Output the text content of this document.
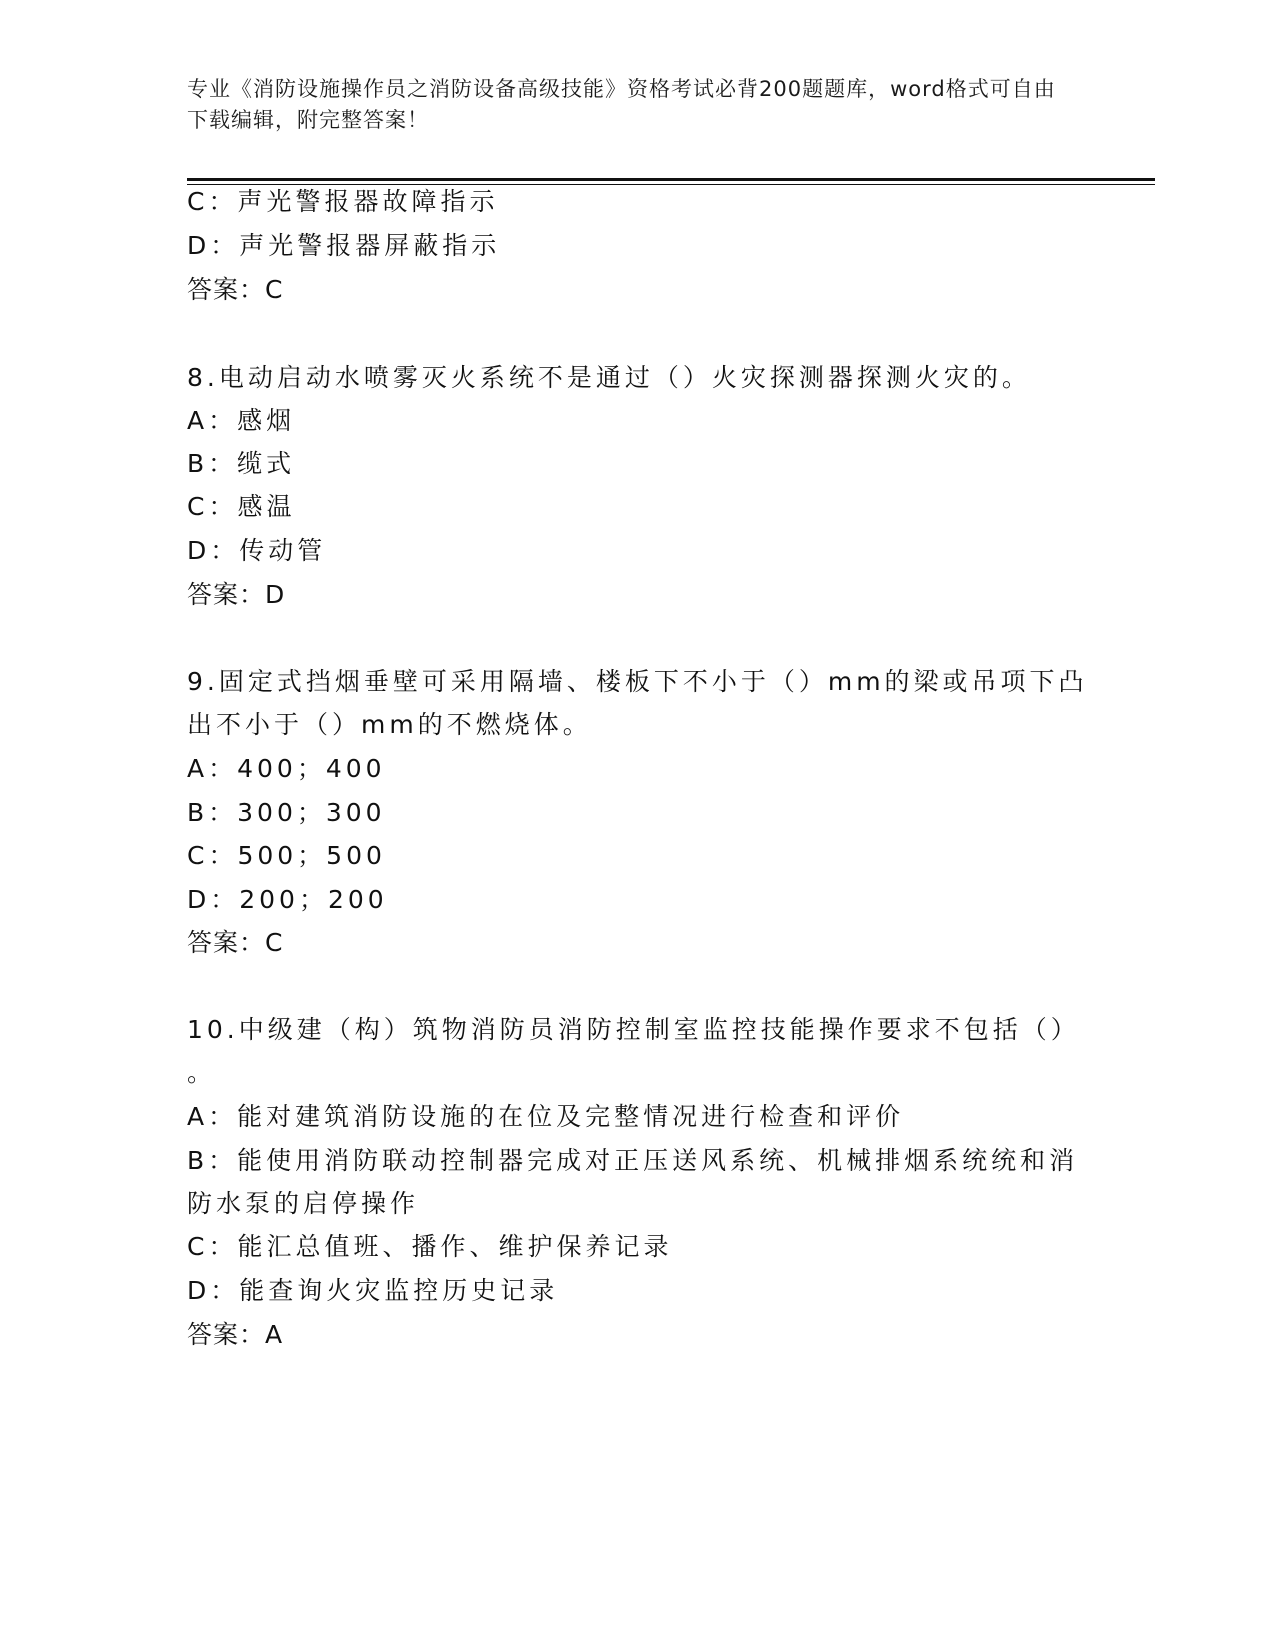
专业《消防设施操作员之消防设备高级技能》资格考试必背200题题库，word格式可自由下载编辑，附完整答案！
C：声光警报器故障指示
D：声光警报器屏蔽指示
答案：C
8.电动启动水喷雾灭火系统不是通过（）火灾探测器探测火灾的。
A：感烟
B：缆式
C：感温
D：传动管
答案：D
9.固定式挡烟垂壁可采用隔墙、楼板下不小于（）mm的梁或吊项下凸
出不小于（）mm的不燃烧体。
A：400；400
B：300；300
C：500；500
D：200；200
答案：C
10.中级建（构）筑物消防员消防控制室监控技能操作要求不包括（）
。
A：能对建筑消防设施的在位及完整情况进行检查和评价
B：能使用消防联动控制器完成对正压送风系统、机械排烟系统统和消
防水泵的启停操作
C：能汇总值班、播作、维护保养记录
D：能查询火灾监控历史记录
答案：A
